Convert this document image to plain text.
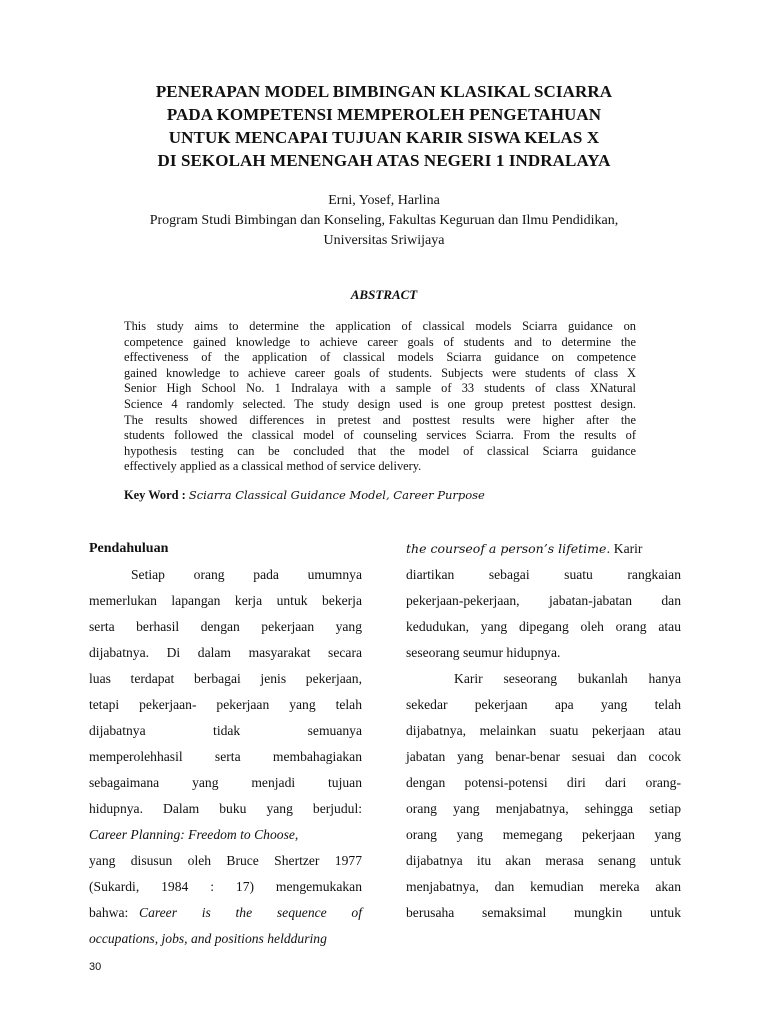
PENERAPAN MODEL BIMBINGAN KLASIKAL SCIARRA
PADA KOMPETENSI MEMPEROLEH PENGETAHUAN
UNTUK MENCAPAI TUJUAN KARIR SISWA KELAS X
DI SEKOLAH MENENGAH ATAS NEGERI 1 INDRALAYA
Erni, Yosef, Harlina
Program Studi Bimbingan dan Konseling, Fakultas Keguruan dan Ilmu Pendidikan,
Universitas Sriwijaya
ABSTRACT
This study aims to determine the application of classical models Sciarra guidance on
competence gained knowledge to achieve career goals of students and to determine the
effectiveness of the application of classical models Sciarra guidance on competence
gained knowledge to achieve career goals of students. Subjects were students of class X
Senior High School No. 1 Indralaya with a sample of 33 students of class XNatural
Science 4 randomly selected. The study design used is one group pretest posttest design.
The results showed differences in pretest and posttest results were higher after the
students followed the classical model of counseling services Sciarra. From the results of
hypothesis testing can be concluded that the model of classical Sciarra guidance
effectively applied as a classical method of service delivery.
Key Word : Sciarra Classical Guidance Model, Career Purpose
Pendahuluan
Setiap orang pada umumnya
memerlukan lapangan kerja untuk bekerja
serta berhasil dengan pekerjaan yang
dijabatnya. Di dalam masyarakat secara
luas terdapat berbagai jenis pekerjaan,
tetapi pekerjaan- pekerjaan yang telah
dijabatnya tidak semuanya
memperolehhasil serta membahagiakan
sebagaimana yang menjadi tujuan
hidupnya. Dalam buku yang berjudul:
Career Planning: Freedom to Choose,
yang disusun oleh Bruce Shertzer 1977
(Sukardi, 1984 : 17) mengemukakan
bahwa: Career is the sequence of
occupations, jobs, and positions heldduring
the courseof a person’s lifetime. Karir
diartikan sebagai suatu rangkaian
pekerjaan-pekerjaan, jabatan-jabatan dan
kedudukan, yang dipegang oleh orang atau
seseorang seumur hidupnya.
Karir seseorang bukanlah hanya
sekedar pekerjaan apa yang telah
dijabatnya, melainkan suatu pekerjaan atau
jabatan yang benar-benar sesuai dan cocok
dengan potensi-potensi diri dari orang-
orang yang menjabatnya, sehingga setiap
orang yang memegang pekerjaan yang
dijabatnya itu akan merasa senang untuk
menjabatnya, dan kemudian mereka akan
berusaha semaksimal mungkin untuk
30
